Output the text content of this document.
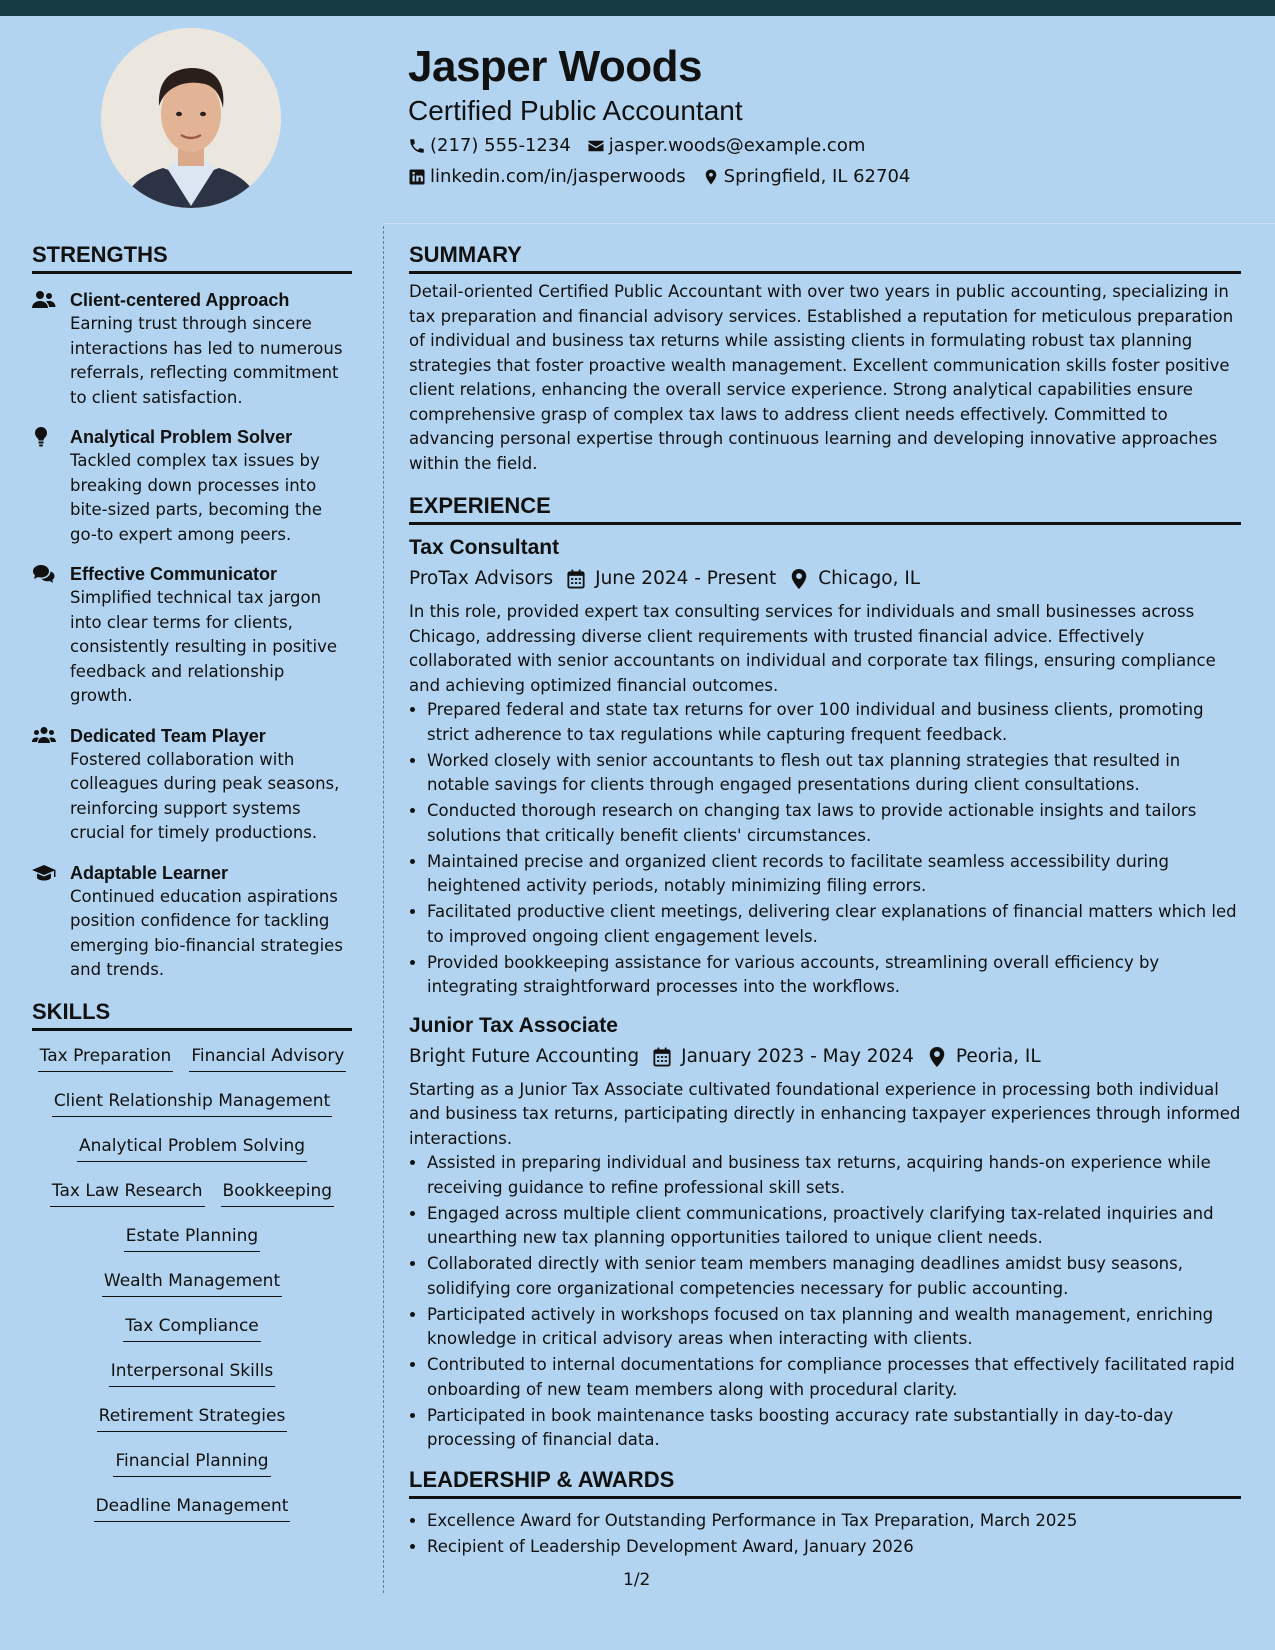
Jasper Woods
Certified Public Accountant
(217) 555-1234 jasper.woods@example.com
linkedin.com/in/jasperwoods Springfield, IL 62704
STRENGTHS
Client-centered Approach
Earning trust through sincere interactions has led to numerous referrals, reflecting commitment to client satisfaction.
Analytical Problem Solver
Tackled complex tax issues by breaking down processes into bite-sized parts, becoming the go-to expert among peers.
Effective Communicator
Simplified technical tax jargon into clear terms for clients, consistently resulting in positive feedback and relationship growth.
Dedicated Team Player
Fostered collaboration with colleagues during peak seasons, reinforcing support systems crucial for timely productions.
Adaptable Learner
Continued education aspirations position confidence for tackling emerging bio-financial strategies and trends.
SKILLS
Tax Preparation Financial Advisory
Client Relationship Management
Analytical Problem Solving
Tax Law Research Bookkeeping
Estate Planning
Wealth Management
Tax Compliance
Interpersonal Skills
Retirement Strategies
Financial Planning
Deadline Management
SUMMARY
Detail-oriented Certified Public Accountant with over two years in public accounting, specializing in tax preparation and financial advisory services. Established a reputation for meticulous preparation of individual and business tax returns while assisting clients in formulating robust tax planning strategies that foster proactive wealth management. Excellent communication skills foster positive client relations, enhancing the overall service experience. Strong analytical capabilities ensure comprehensive grasp of complex tax laws to address client needs effectively. Committed to advancing personal expertise through continuous learning and developing innovative approaches within the field.
EXPERIENCE
Tax Consultant
ProTax Advisors June 2024 - Present Chicago, IL
In this role, provided expert tax consulting services for individuals and small businesses across Chicago, addressing diverse client requirements with trusted financial advice. Effectively collaborated with senior accountants on individual and corporate tax filings, ensuring compliance and achieving optimized financial outcomes.
• Prepared federal and state tax returns for over 100 individual and business clients, promoting strict adherence to tax regulations while capturing frequent feedback.
• Worked closely with senior accountants to flesh out tax planning strategies that resulted in notable savings for clients through engaged presentations during client consultations.
• Conducted thorough research on changing tax laws to provide actionable insights and tailors solutions that critically benefit clients' circumstances.
• Maintained precise and organized client records to facilitate seamless accessibility during heightened activity periods, notably minimizing filing errors.
• Facilitated productive client meetings, delivering clear explanations of financial matters which led to improved ongoing client engagement levels.
• Provided bookkeeping assistance for various accounts, streamlining overall efficiency by integrating straightforward processes into the workflows.
Junior Tax Associate
Bright Future Accounting January 2023 - May 2024 Peoria, IL
Starting as a Junior Tax Associate cultivated foundational experience in processing both individual and business tax returns, participating directly in enhancing taxpayer experiences through informed interactions.
• Assisted in preparing individual and business tax returns, acquiring hands-on experience while receiving guidance to refine professional skill sets.
• Engaged across multiple client communications, proactively clarifying tax-related inquiries and unearthing new tax planning opportunities tailored to unique client needs.
• Collaborated directly with senior team members managing deadlines amidst busy seasons, solidifying core organizational competencies necessary for public accounting.
• Participated actively in workshops focused on tax planning and wealth management, enriching knowledge in critical advisory areas when interacting with clients.
• Contributed to internal documentations for compliance processes that effectively facilitated rapid onboarding of new team members along with procedural clarity.
• Participated in book maintenance tasks boosting accuracy rate substantially in day-to-day processing of financial data.
LEADERSHIP & AWARDS
• Excellence Award for Outstanding Performance in Tax Preparation, March 2025
• Recipient of Leadership Development Award, January 2026
1/2
